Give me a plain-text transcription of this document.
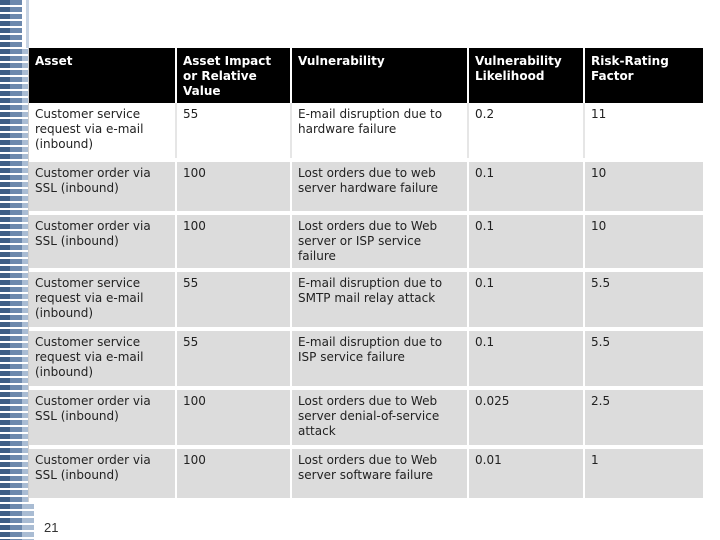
Asset	Asset Impact or Relative Value	Vulnerability	Vulnerability Likelihood	Risk-Rating Factor
Customer service request via e-mail (inbound)	55	E-mail disruption due to hardware failure	0.2	11
Customer order via SSL (inbound)	100	Lost orders due to web server hardware failure	0.1	10
Customer order via SSL (inbound)	100	Lost orders due to Web server or ISP service failure	0.1	10
Customer service request via e-mail (inbound)	55	E-mail disruption due to SMTP mail relay attack	0.1	5.5
Customer service request via e-mail (inbound)	55	E-mail disruption due to ISP service failure	0.1	5.5
Customer order via SSL (inbound)	100	Lost orders due to Web server denial-of-service attack	0.025	2.5
Customer order via SSL (inbound)	100	Lost orders due to Web server software failure	0.01	1
21
